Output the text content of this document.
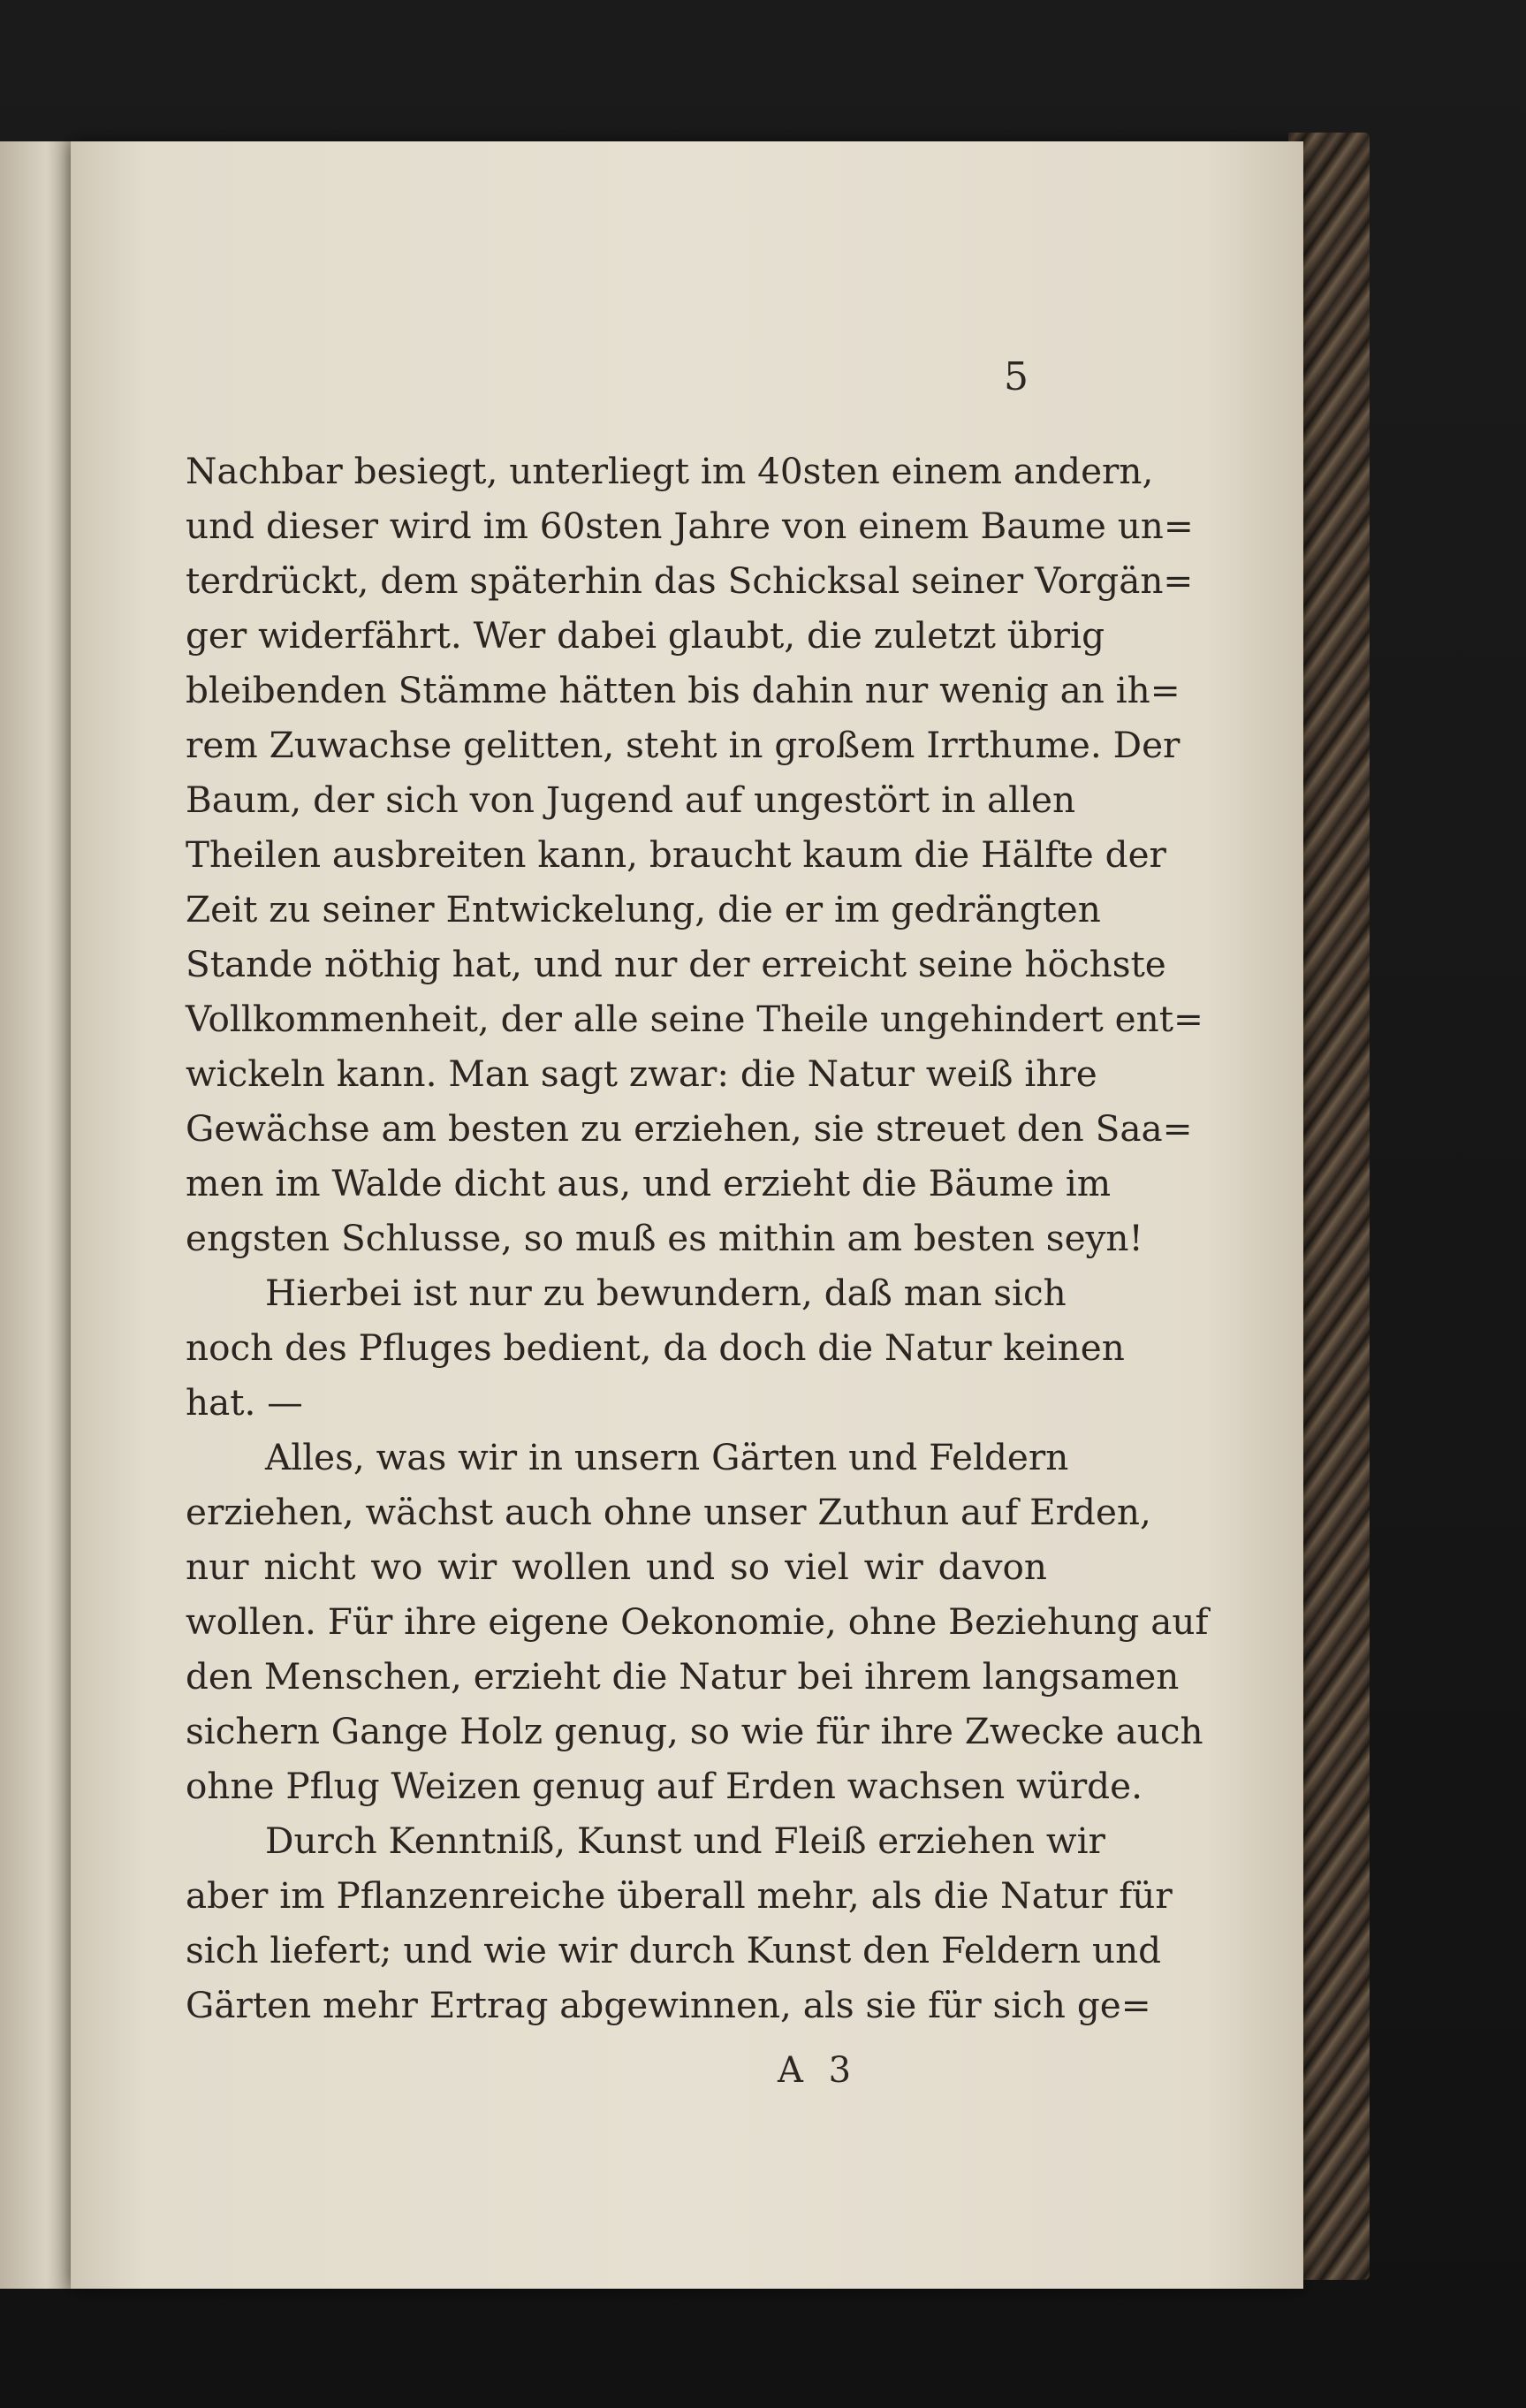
5
Nachbar besiegt, unterliegt im 40sten einem andern,
und dieser wird im 60sten Jahre von einem Baume un=
terdrückt, dem späterhin das Schicksal seiner Vorgän=
ger widerfährt. Wer dabei glaubt, die zuletzt übrig
bleibenden Stämme hätten bis dahin nur wenig an ih=
rem Zuwachse gelitten, steht in großem Irrthume. Der
Baum, der sich von Jugend auf ungestört in allen
Theilen ausbreiten kann, braucht kaum die Hälfte der
Zeit zu seiner Entwickelung, die er im gedrängten
Stande nöthig hat, und nur der erreicht seine höchste
Vollkommenheit, der alle seine Theile ungehindert ent=
wickeln kann. Man sagt zwar: die Natur weiß ihre
Gewächse am besten zu erziehen, sie streuet den Saa=
men im Walde dicht aus, und erzieht die Bäume im
engsten Schlusse, so muß es mithin am besten seyn!
Hierbei ist nur zu bewundern, daß man sich
noch des Pfluges bedient, da doch die Natur keinen
hat. —
Alles, was wir in unsern Gärten und Feldern
erziehen, wächst auch ohne unser Zuthun auf Erden,
nur nicht wo wir wollen und so viel wir davon
wollen. Für ihre eigene Oekonomie, ohne Beziehung auf
den Menschen, erzieht die Natur bei ihrem langsamen
sichern Gange Holz genug, so wie für ihre Zwecke auch
ohne Pflug Weizen genug auf Erden wachsen würde.
Durch Kenntniß, Kunst und Fleiß erziehen wir
aber im Pflanzenreiche überall mehr, als die Natur für
sich liefert; und wie wir durch Kunst den Feldern und
Gärten mehr Ertrag abgewinnen, als sie für sich ge=
A 3
